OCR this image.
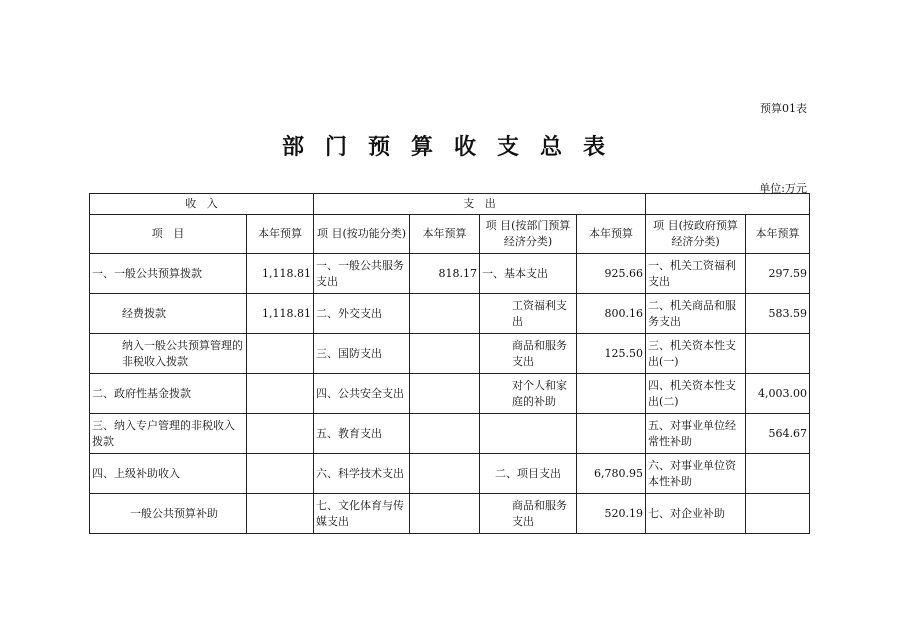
预算01表
部门预算收支总表
单位:万元
收   入		支   出					
项   目	本年预算	项 目(按功能分类)	本年预算	项 目(按部门预算经济分类)	本年预算	项 目(按政府预算经济分类)	本年预算
一、一般公共预算拨款	1,118.81	一、一般公共服务支出	818.17	一、基本支出	925.66	一、机关工资福利支出	297.59
经费拨款	1,118.81	二、外交支出		工资福利支出	800.16	二、机关商品和服务支出	583.59
纳入一般公共预算管理的非税收入拨款		三、国防支出		商品和服务支出	125.50	三、机关资本性支出(一)	
二、政府性基金拨款		四、公共安全支出		对个人和家庭的补助		四、机关资本性支出(二)	4,003.00
三、纳入专户管理的非税收入拨款		五、教育支出				五、对事业单位经常性补助	564.67
四、上级补助收入		六、科学技术支出		二、项目支出	6,780.95	六、对事业单位资本性补助	
一般公共预算补助		七、文化体育与传媒支出		商品和服务支出	520.19	七、对企业补助	
